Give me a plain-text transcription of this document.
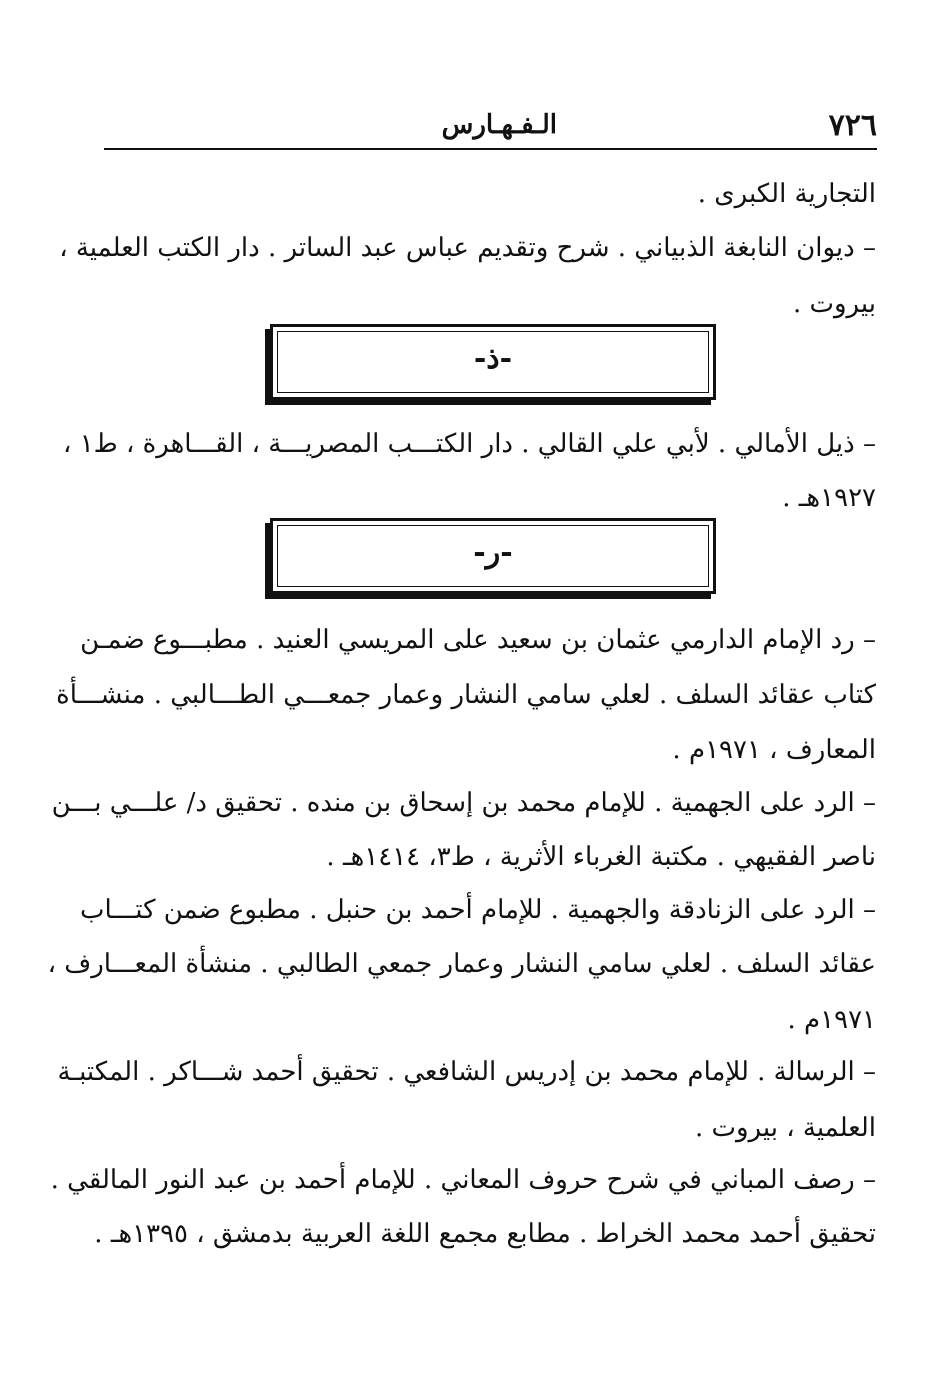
٧٢٦
الـفـهـارس
التجارية الكبرى .
– ديوان النابغة الذبياني . شرح وتقديم عباس عبد الساتر . دار الكتب العلمية ،
بيروت .
-ذ-
– ذيل الأمالي . لأبي علي القالي . دار الكتـــب المصريـــة ، القـــاهرة ، ط١ ،
١٩٢٧هـ .
-ر-
– رد الإمام الدارمي عثمان بن سعيد على المريسي العنيد . مطبـــوع ضمـن
كتاب عقائد السلف . لعلي سامي النشار وعمار جمعـــي الطـــالبي . منشـــأة
المعارف ، ١٩٧١م .
– الرد على الجهمية . للإمام محمد بن إسحاق بن منده . تحقيق د/ علـــي بـــن
ناصر الفقيهي . مكتبة الغرباء الأثرية ، ط٣، ١٤١٤هـ .
– الرد على الزنادقة والجهمية . للإمام أحمد بن حنبل . مطبوع ضمن كتـــاب
عقائد السلف . لعلي سامي النشار وعمار جمعي الطالبي . منشأة المعـــارف ،
١٩٧١م .
– الرسالة . للإمام محمد بن إدريس الشافعي . تحقيق أحمد شـــاكر . المكتبـة
العلمية ، بيروت .
– رصف المباني في شرح حروف المعاني . للإمام أحمد بن عبد النور المالقي .
تحقيق أحمد محمد الخراط . مطابع مجمع اللغة العربية بدمشق ، ١٣٩٥هـ .
